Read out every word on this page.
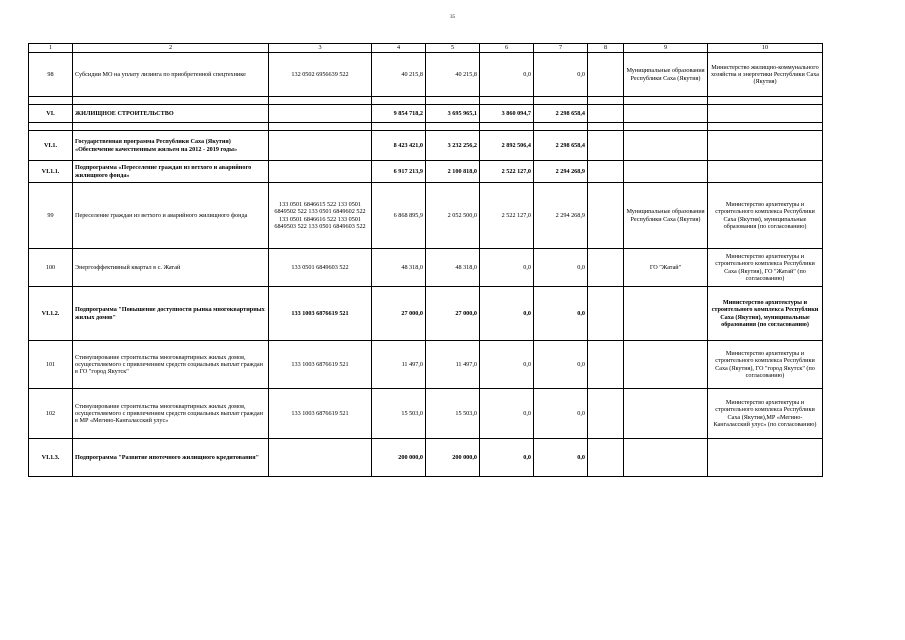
35
1	2	3	4	5	6	7	8	9	10
98	Субсидии МО на уплату лизинга по приобретенной спецтехнике	132 0502 6956639 522	40 215,8	40 215,8	0,0	0,0		Муниципальные образования Республики Саха (Якутия)	Министерство жилищно-коммунального хозяйства и энергетики Республики Саха (Якутия)

VI.	ЖИЛИЩНОЕ СТРОИТЕЛЬСТВО		9 854 718,2	3 695 965,1	3 860 094,7	2 298 658,4			

VI.1.	Государственная программа Республики Саха (Якутия) «Обеспечение качественным жильем на 2012 - 2019 годы»		8 423 421,0	3 232 256,2	2 892 506,4	2 298 658,4			
VI.1.1.	Подпрограмма «Переселение граждан из ветхого и аварийного жилищного фонда»		6 917 213,9	2 100 818,0	2 522 127,0	2 294 268,9			
99	Переселение граждан из ветхого и аварийного жилищного фонда	133 0501 6846615 522 133 0501 6849502 522 133 0501 6849602 522 133 0501 6846616 522 133 0501 6849503 522 133 0501 6849603 522	6 868 895,9	2 052 500,0	2 522 127,0	2 294 268,9		Муниципальные образования Республики Саха (Якутия)	Министерство архитектуры и строительного комплекса Республики Саха (Якутия), муниципальные образования (по согласованию)
100	Энергоэффективный квартал в с. Жатай	133 0501 6849603 522	48 318,0	48 318,0	0,0	0,0		ГО "Жатай"	Министерство архитектуры и строительного комплекса Республики Саха (Якутия), ГО "Жатай" (по согласованию)
VI.1.2.	Подпрограмма "Повышение доступности рынка многоквартирных жилых домов"	133 1003 6876619 521	27 000,0	27 000,0	0,0	0,0			Министерство архитектуры и строительного комплекса Республики Саха (Якутия), муниципальные образования (по согласованию)
101	Стимулирование строительства многоквартирных жилых домов, осуществляемого с привлечением средств социальных выплат граждан в ГО "город Якутск"	133 1003 6876619 521	11 497,0	11 497,0	0,0	0,0			Министерство архитектуры и строительного комплекса Республики Саха (Якутия), ГО "город Якутск" (по согласованию)
102	Стимулирование строительства многоквартирных жилых домов, осуществляемого с привлечением средств социальных выплат граждан в МР «Мегино-Кангаласский улус»	133 1003 6876619 521	15 503,0	15 503,0	0,0	0,0			Министерство архитектуры и строительного комплекса Республики Саха (Якутия),МР «Мегино-Кангаласский улус» (по согласованию)
VI.1.3.	Подпрограмма "Развитие ипотечного жилищного кредитования"		200 000,0	200 000,0	0,0	0,0			
